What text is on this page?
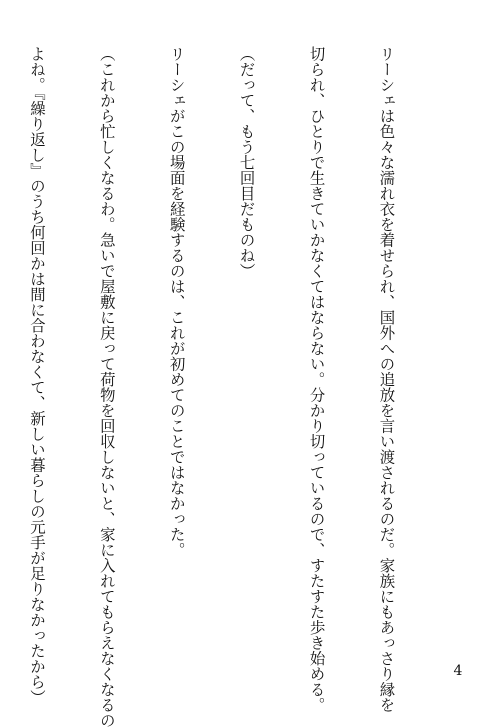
リーシェは色々な濡れ衣を着せられ、国外への追放を言い渡されるのだ。家族にもあっさり縁を

切られ、ひとりで生きていかなくてはならない。分かり切っているので、すたすた歩き始める。

（だって、もう七回目だものね）

リーシェがこの場面を経験するのは、これが初めてのことではなかった。

（これから忙しくなるわ。急いで屋敷に戻って荷物を回収しないと、家に入れてもらえなくなるの

よね。『繰り返し』のうち何回かは間に合わなくて、新しい暮らしの元手が足りなかったから）

	4
